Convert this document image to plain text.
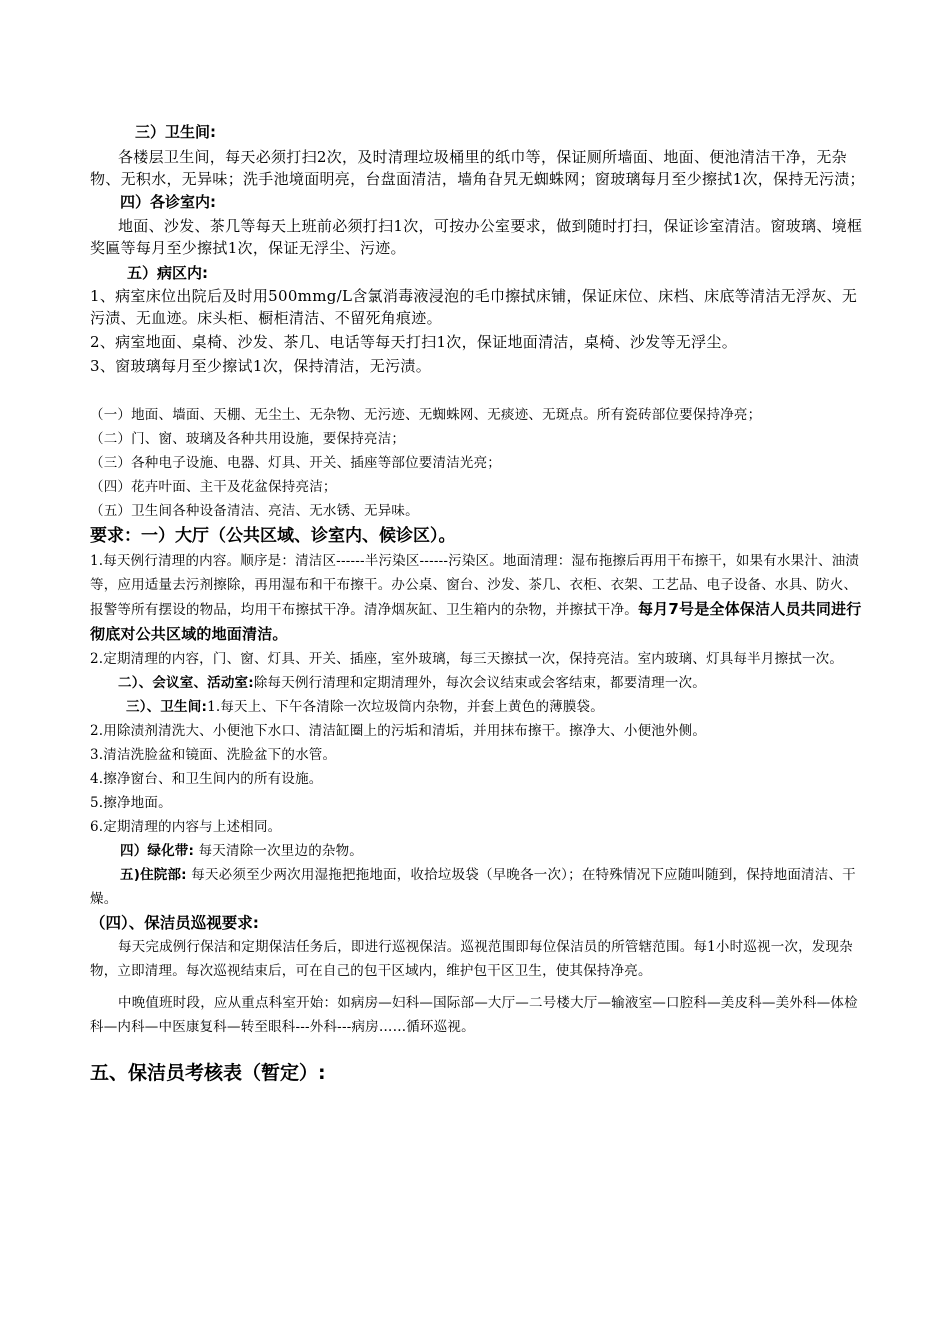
三）卫生间:

各楼层卫生间，每天必须打扫2次，及时清理垃圾桶里的纸巾等，保证厕所墙面、地面、便池清洁干净，无杂物、无积水，无异味；洗手池境面明亮，台盘面清洁，墙角旮旯无蜘蛛网；窗玻璃每月至少擦拭1次，保持无污渍；

四）各诊室内:

地面、沙发、茶几等每天上班前必须打扫1次，可按办公室要求，做到随时打扫，保证诊室清洁。窗玻璃、境框奖匾等每月至少擦拭1次，保证无浮尘、污迹。

五）病区内:

1、病室床位出院后及时用500mmg/L含氯消毒液浸泡的毛巾擦拭床铺，保证床位、床档、床底等清洁无浮灰、无污渍、无血迹。床头柜、橱柜清洁、不留死角痕迹。

2、病室地面、桌椅、沙发、茶几、电话等每天打扫1次，保证地面清洁，桌椅、沙发等无浮尘。

3、窗玻璃每月至少擦试1次，保持清洁，无污渍。

（一）地面、墙面、天棚、无尘土、无杂物、无污迹、无蜘蛛网、无痰迹、无斑点。所有瓷砖部位要保持净亮；

（二）门、窗、玻璃及各种共用设施，要保持亮洁；

（三）各种电子设施、电器、灯具、开关、插座等部位要清洁光亮；

（四）花卉叶面、主干及花盆保持亮洁；

（五）卫生间各种设备清洁、亮洁、无水锈、无异味。

要求：一）大厅（公共区域、诊室内、候诊区）。

1.每天例行清理的内容。顺序是：清洁区------半污染区------污染区。地面清理：湿布拖擦后再用干布擦干，如果有水果汁、油渍等，应用适量去污剂擦除，再用湿布和干布擦干。办公桌、窗台、沙发、茶几、衣柜、衣架、工艺品、电子设备、水具、防火、报警等所有摆设的物品，均用干布擦拭干净。清净烟灰缸、卫生箱内的杂物，并擦拭干净。每月7号是全体保洁人员共同进行彻底对公共区域的地面清洁。

2.定期清理的内容，门、窗、灯具、开关、插座，室外玻璃，每三天擦拭一次，保持亮洁。室内玻璃、灯具每半月擦拭一次。

二）、会议室、活动室:除每天例行清理和定期清理外，每次会议结束或会客结束，都要清理一次。

三）、卫生间:1.每天上、下午各清除一次垃圾筒内杂物，并套上黄色的薄膜袋。

2.用除渍剂清洗大、小便池下水口、清洁缸圈上的污垢和清垢，并用抹布擦干。擦净大、小便池外侧。

3.清洁洗脸盆和镜面、洗脸盆下的水管。

4.擦净窗台、和卫生间内的所有设施。

5.擦净地面。

6.定期清理的内容与上述相同。

四）绿化带: 每天清除一次里边的杂物。

五)住院部: 每天必须至少两次用湿拖把拖地面，收拾垃圾袋（早晚各一次）；在特殊情况下应随叫随到，保持地面清洁、干燥。

（四）、保洁员巡视要求:

每天完成例行保洁和定期保洁任务后，即进行巡视保洁。巡视范围即每位保洁员的所管辖范围。每1小时巡视一次，发现杂物，立即清理。每次巡视结束后，可在自己的包干区域内，维护包干区卫生，使其保持净亮。

中晚值班时段，应从重点科室开始：如病房—妇科—国际部—大厅—二号楼大厅—输液室—口腔科—美皮科—美外科—体检科—内科—中医康复科—转至眼科---外科---病房……循环巡视。

五、保洁员考核表（暂定）:
